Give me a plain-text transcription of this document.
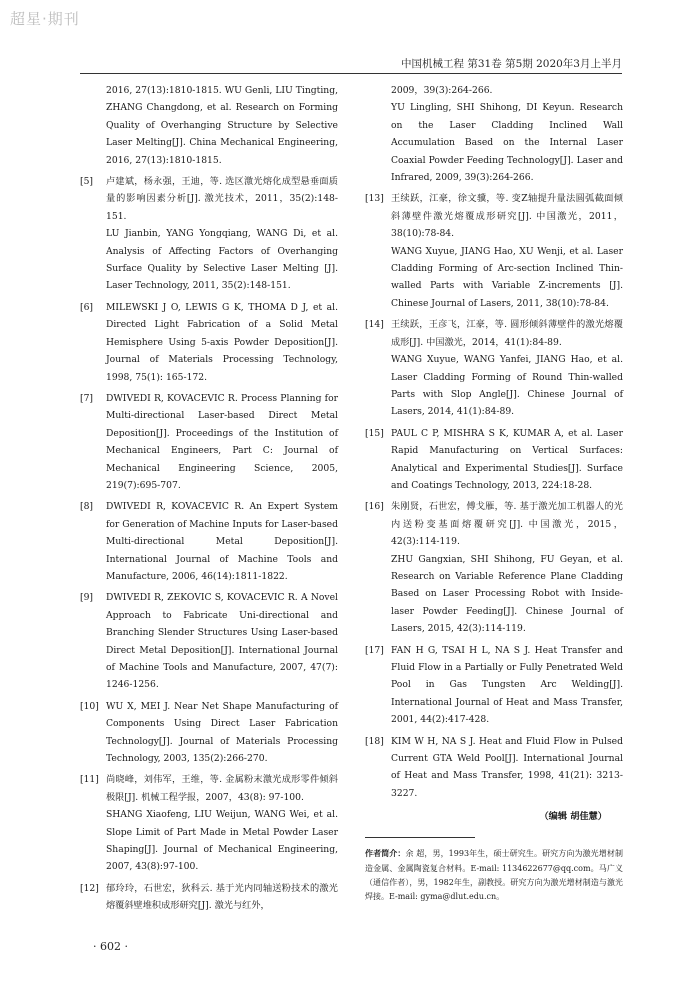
超星·期刊
中国机械工程 第31卷 第5期 2020年3月上半月
2016, 27(13):1810-1815. WU Genli, LIU Tingting, ZHANG Changdong, et al. Research on Forming Quality of Overhanging Structure by Selective Laser Melting[J]. China Mechanical Engineering, 2016, 27(13):1810-1815.
[5] 卢建斌，杨永强，王迪，等. 选区激光熔化成型悬垂面质量的影响因素分析[J]. 激光技术，2011，35(2):148-151.
LU Jianbin, YANG Yongqiang, WANG Di, et al. Analysis of Affecting Factors of Overhanging Surface Quality by Selective Laser Melting [J]. Laser Technology, 2011, 35(2):148-151.
[6] MILEWSKI J O, LEWIS G K, THOMA D J, et al. Directed Light Fabrication of a Solid Metal Hemisphere Using 5-axis Powder Deposition[J]. Journal of Materials Processing Technology, 1998, 75(1): 165-172.
[7] DWIVEDI R, KOVACEVIC R. Process Planning for Multi-directional Laser-based Direct Metal Deposition[J]. Proceedings of the Institution of Mechanical Engineers, Part C: Journal of Mechanical Engineering Science, 2005, 219(7):695-707.
[8] DWIVEDI R, KOVACEVIC R. An Expert System for Generation of Machine Inputs for Laser-based Multi-directional Metal Deposition[J]. International Journal of Machine Tools and Manufacture, 2006, 46(14):1811-1822.
[9] DWIVEDI R, ZEKOVIC S, KOVACEVIC R. A Novel Approach to Fabricate Uni-directional and Branching Slender Structures Using Laser-based Direct Metal Deposition[J]. International Journal of Machine Tools and Manufacture, 2007, 47(7): 1246-1256.
[10] WU X, MEI J. Near Net Shape Manufacturing of Components Using Direct Laser Fabrication Technology[J]. Journal of Materials Processing Technology, 2003, 135(2):266-270.
[11] 尚晓峰，刘伟军，王维，等. 金属粉末激光成形零件倾斜极限[J]. 机械工程学报，2007，43(8): 97-100.
SHANG Xiaofeng, LIU Weijun, WANG Wei, et al. Slope Limit of Part Made in Metal Powder Laser Shaping[J]. Journal of Mechanical Engineering, 2007, 43(8):97-100.
[12] 郁玲玲，石世宏，狄科云. 基于光内同轴送粉技术的激光熔覆斜壁堆积成形研究[J]. 激光与红外，
2009，39(3):264-266.
YU Lingling, SHI Shihong, DI Keyun. Research on the Laser Cladding Inclined Wall Accumulation Based on the Internal Laser Coaxial Powder Feeding Technology[J]. Laser and Infrared, 2009, 39(3):264-266.
[13] 王续跃，江豪，徐文骥，等. 变Z轴提升量法圆弧截面倾斜薄壁件激光熔覆成形研究[J]. 中国激光，2011，38(10):78-84.
WANG Xuyue, JIANG Hao, XU Wenji, et al. Laser Cladding Forming of Arc-section Inclined Thin-walled Parts with Variable Z-increments [J]. Chinese Journal of Lasers, 2011, 38(10):78-84.
[14] 王续跃，王彦飞，江豪，等. 圆形倾斜薄壁件的激光熔覆成形[J]. 中国激光，2014，41(1):84-89.
WANG Xuyue, WANG Yanfei, JIANG Hao, et al. Laser Cladding Forming of Round Thin-walled Parts with Slop Angle[J]. Chinese Journal of Lasers, 2014, 41(1):84-89.
[15] PAUL C P, MISHRA S K, KUMAR A, et al. Laser Rapid Manufacturing on Vertical Surfaces: Analytical and Experimental Studies[J]. Surface and Coatings Technology, 2013, 224:18-28.
[16] 朱刚贤，石世宏，傅戈雁，等. 基于激光加工机器人的光内送粉变基面熔覆研究[J]. 中国激光，2015，42(3):114-119.
ZHU Gangxian, SHI Shihong, FU Geyan, et al. Research on Variable Reference Plane Cladding Based on Laser Processing Robot with Inside-laser Powder Feeding[J]. Chinese Journal of Lasers, 2015, 42(3):114-119.
[17] FAN H G, TSAI H L, NA S J. Heat Transfer and Fluid Flow in a Partially or Fully Penetrated Weld Pool in Gas Tungsten Arc Welding[J]. International Journal of Heat and Mass Transfer, 2001, 44(2):417-428.
[18] KIM W H, NA S J. Heat and Fluid Flow in Pulsed Current GTA Weld Pool[J]. International Journal of Heat and Mass Transfer, 1998, 41(21): 3213-3227.
（编辑 胡佳慧）
作者简介：余 超，男，1993年生，硕士研究生。研究方向为激光增材制造金属、金属陶瓷复合材料。E-mail: 1134622677@qq.com。马广义（通信作者），男，1982年生，副教授。研究方向为激光增材制造与激光焊接。E-mail: gyma@dlut.edu.cn。
· 602 ·
